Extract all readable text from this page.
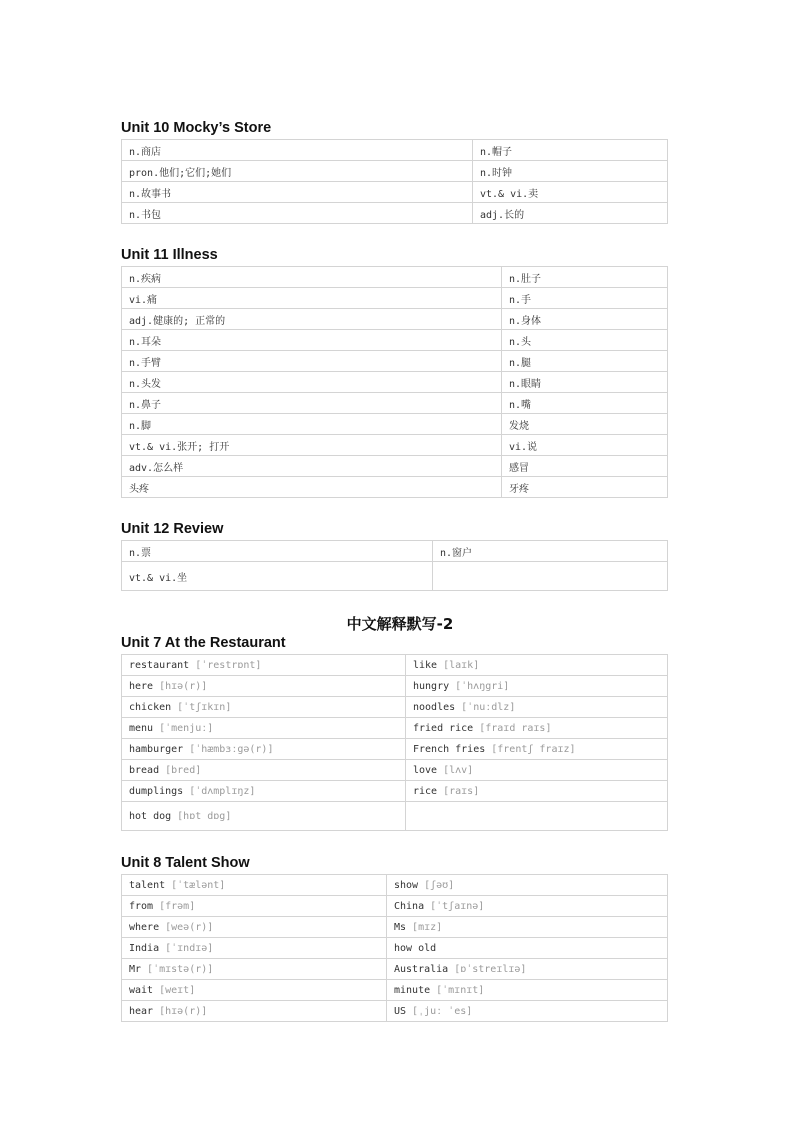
Unit 10 Mocky’s Store
n.商店	n.帽子
pron.他们;它们;她们	n.时钟
n.故事书	vt.& vi.卖
n.书包	adj.长的
Unit 11 Illness
n.疾病	n.肚子
vi.痛	n.手
adj.健康的; 正常的	n.身体
n.耳朵	n.头
n.手臂	n.腿
n.头发	n.眼睛
n.鼻子	n.嘴
n.脚	发烧
vt.& vi.张开; 打开	vi.说
adv.怎么样	感冒
头疼	牙疼
Unit 12 Review
n.票	n.窗户
vt.& vi.坐	
中文解释默写-2
Unit 7 At the Restaurant
restaurant [ˈrestrɒnt]	like [laɪk]
here [hɪə(r)]	hungry [ˈhʌŋgri]
chicken [ˈtʃɪkɪn]	noodles [ˈnuːdlz]
menu [ˈmenjuː]	fried rice [fraɪd raɪs]
hamburger [ˈhæmbɜːgə(r)]	French fries [frentʃ fraɪz]
bread [bred]	love [lʌv]
dumplings [ˈdʌmplɪŋz]	rice [raɪs]
hot dog [hɒt dɒg]	
Unit 8 Talent Show
talent [ˈtælənt]	show [ʃəʊ]
from [frəm]	China [ˈtʃaɪnə]
where [weə(r)]	Ms [mɪz]
India [ˈɪndɪə]	how old
Mr [ˈmɪstə(r)]	Australia [ɒˈstreɪlɪə]
wait [weɪt]	minute [ˈmɪnɪt]
hear [hɪə(r)]	US [ˌjuː ˈes]
